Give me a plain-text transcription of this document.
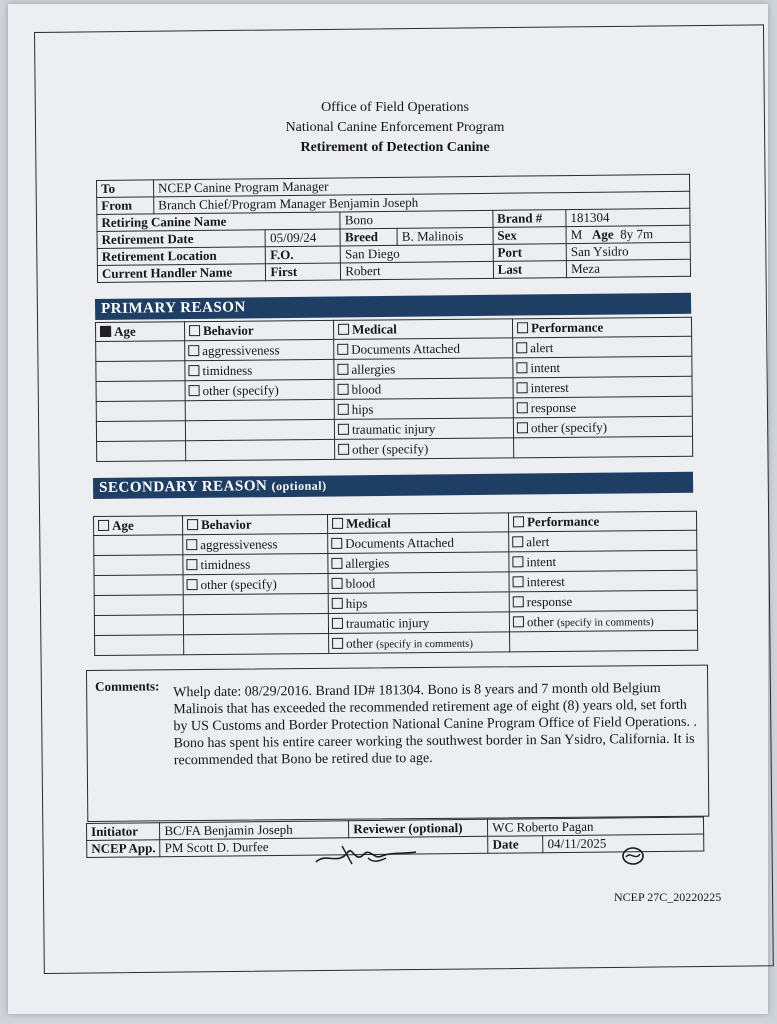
Office of Field Operations
National Canine Enforcement Program
Retirement of Detection Canine
To	NCEP Canine Program Manager					
From	Branch Chief/Program Manager Benjamin Joseph					
Retiring Canine Name			Bono		Brand #	181304
Retirement Date		05/09/24	Breed	B. Malinois	Sex	M Age 8y 7m
Retirement Location		F.O.	San Diego		Port	San Ysidro
Current Handler Name		First	Robert		Last	Meza
PRIMARY REASON
Age	Behavior	Medical	Performance
	aggressiveness	Documents Attached	alert
	timidness	allergies	intent
	other (specify)	blood	interest
		hips	response
		traumatic injury	other (specify)
		other (specify)	
SECONDARY REASON (optional)
Age	Behavior	Medical	Performance
	aggressiveness	Documents Attached	alert
	timidness	allergies	intent
	other (specify)	blood	interest
		hips	response
		traumatic injury	other (specify in comments)
		other (specify in comments)	
Comments: Whelp date: 08/29/2016. Brand ID# 181304. Bono is 8 years and 7 month old Belgium Malinois that has exceeded the recommended retirement age of eight (8) years old, set forth by US Customs and Border Protection National Canine Program Office of Field Operations. . Bono has spent his entire career working the southwest border in San Ysidro, California. It is recommended that Bono be retired due to age.
Initiator	BC/FA Benjamin Joseph	Reviewer (optional)	WC Roberto Pagan	
NCEP App.	PM Scott D. Durfee		Date	04/11/2025
NCEP 27C_20220225
